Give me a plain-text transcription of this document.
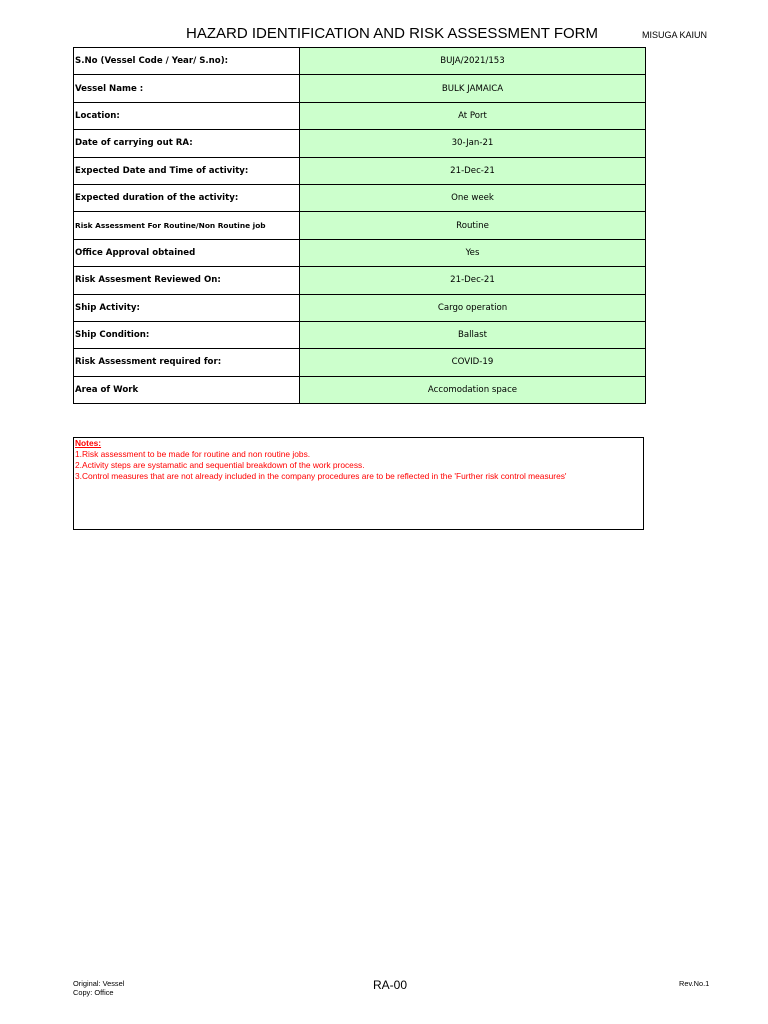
HAZARD IDENTIFICATION AND RISK ASSESSMENT FORM	MISUGA KAIUN
S.No (Vessel Code / Year/ S.no):	BUJA/2021/153
Vessel Name :	BULK JAMAICA
Location:	At Port
Date of carrying out RA:	30-Jan-21
Expected Date and Time of activity:	21-Dec-21
Expected duration of the activity:	One week
Risk Assessment For Routine/Non Routine job	Routine
Office Approval obtained	Yes
Risk Assesment Reviewed On:	21-Dec-21
Ship Activity:	Cargo operation
Ship Condition:	Ballast
Risk Assessment required for:	COVID-19
Area of Work	Accomodation space
Notes:
1.Risk assessment to be made for routine and non routine jobs.
2.Activity steps are systamatic and sequential breakdown of the work process.
3.Control measures that are not already included in the company procedures are to be reflected in the 'Further risk control measures'
Original: Vessel
Copy: Office
RA-00	Rev.No.1
